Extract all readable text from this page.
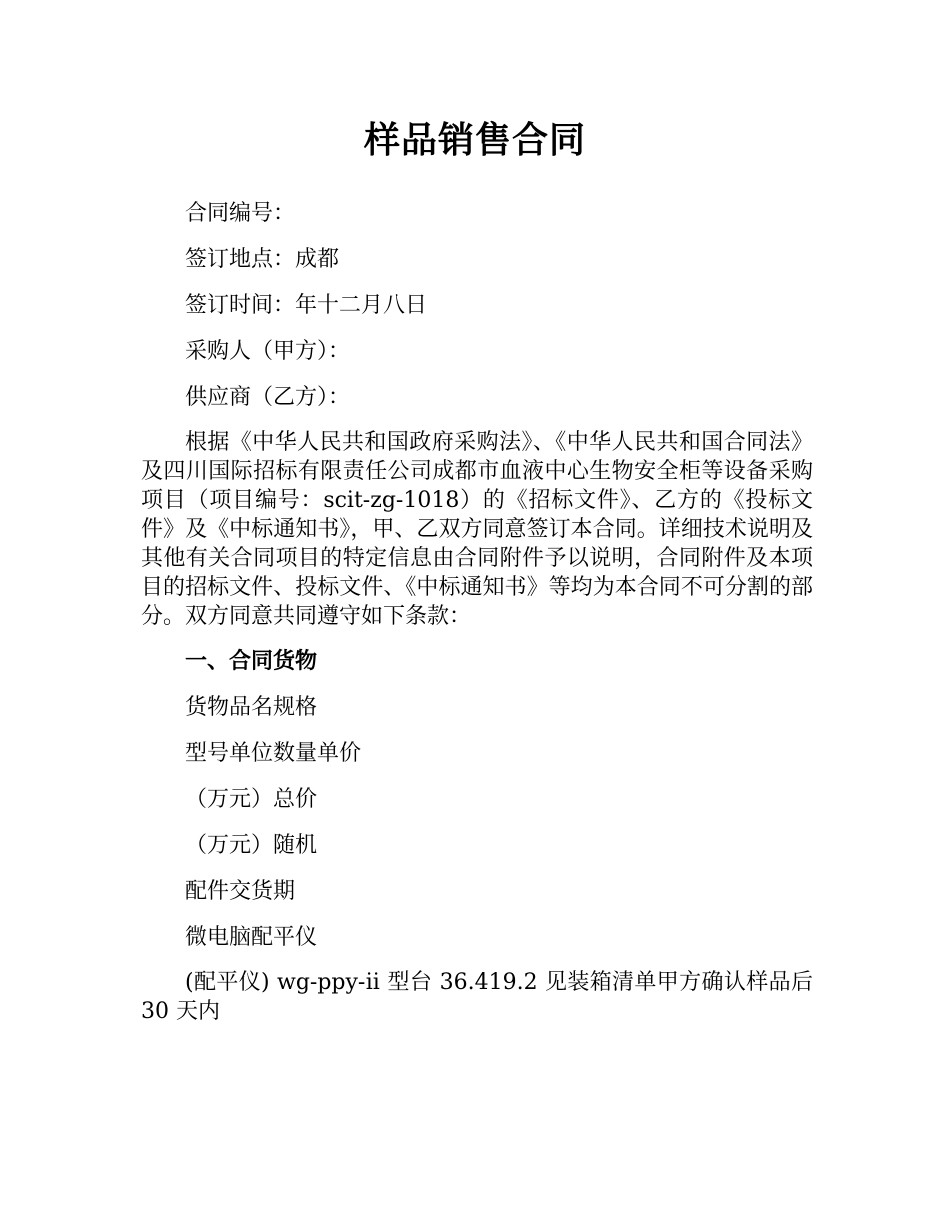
样品销售合同

合同编号：

签订地点：成都

签订时间：年十二月八日

采购人（甲方）：

供应商（乙方）：

根据《中华人民共和国政府采购法》、《中华人民共和国合同法》及四川国际招标有限责任公司成都市血液中心生物安全柜等设备采购项目（项目编号：scit-zg-1018）的《招标文件》、乙方的《投标文件》及《中标通知书》，甲、乙双方同意签订本合同。详细技术说明及其他有关合同项目的特定信息由合同附件予以说明，合同附件及本项目的招标文件、投标文件、《中标通知书》等均为本合同不可分割的部分。双方同意共同遵守如下条款：

一、合同货物

货物品名规格

型号单位数量单价

（万元）总价

（万元）随机

配件交货期

微电脑配平仪

(配平仪) wg-ppy-ⅱ 型台 36.419.2 见装箱清单甲方确认样品后 30 天内
